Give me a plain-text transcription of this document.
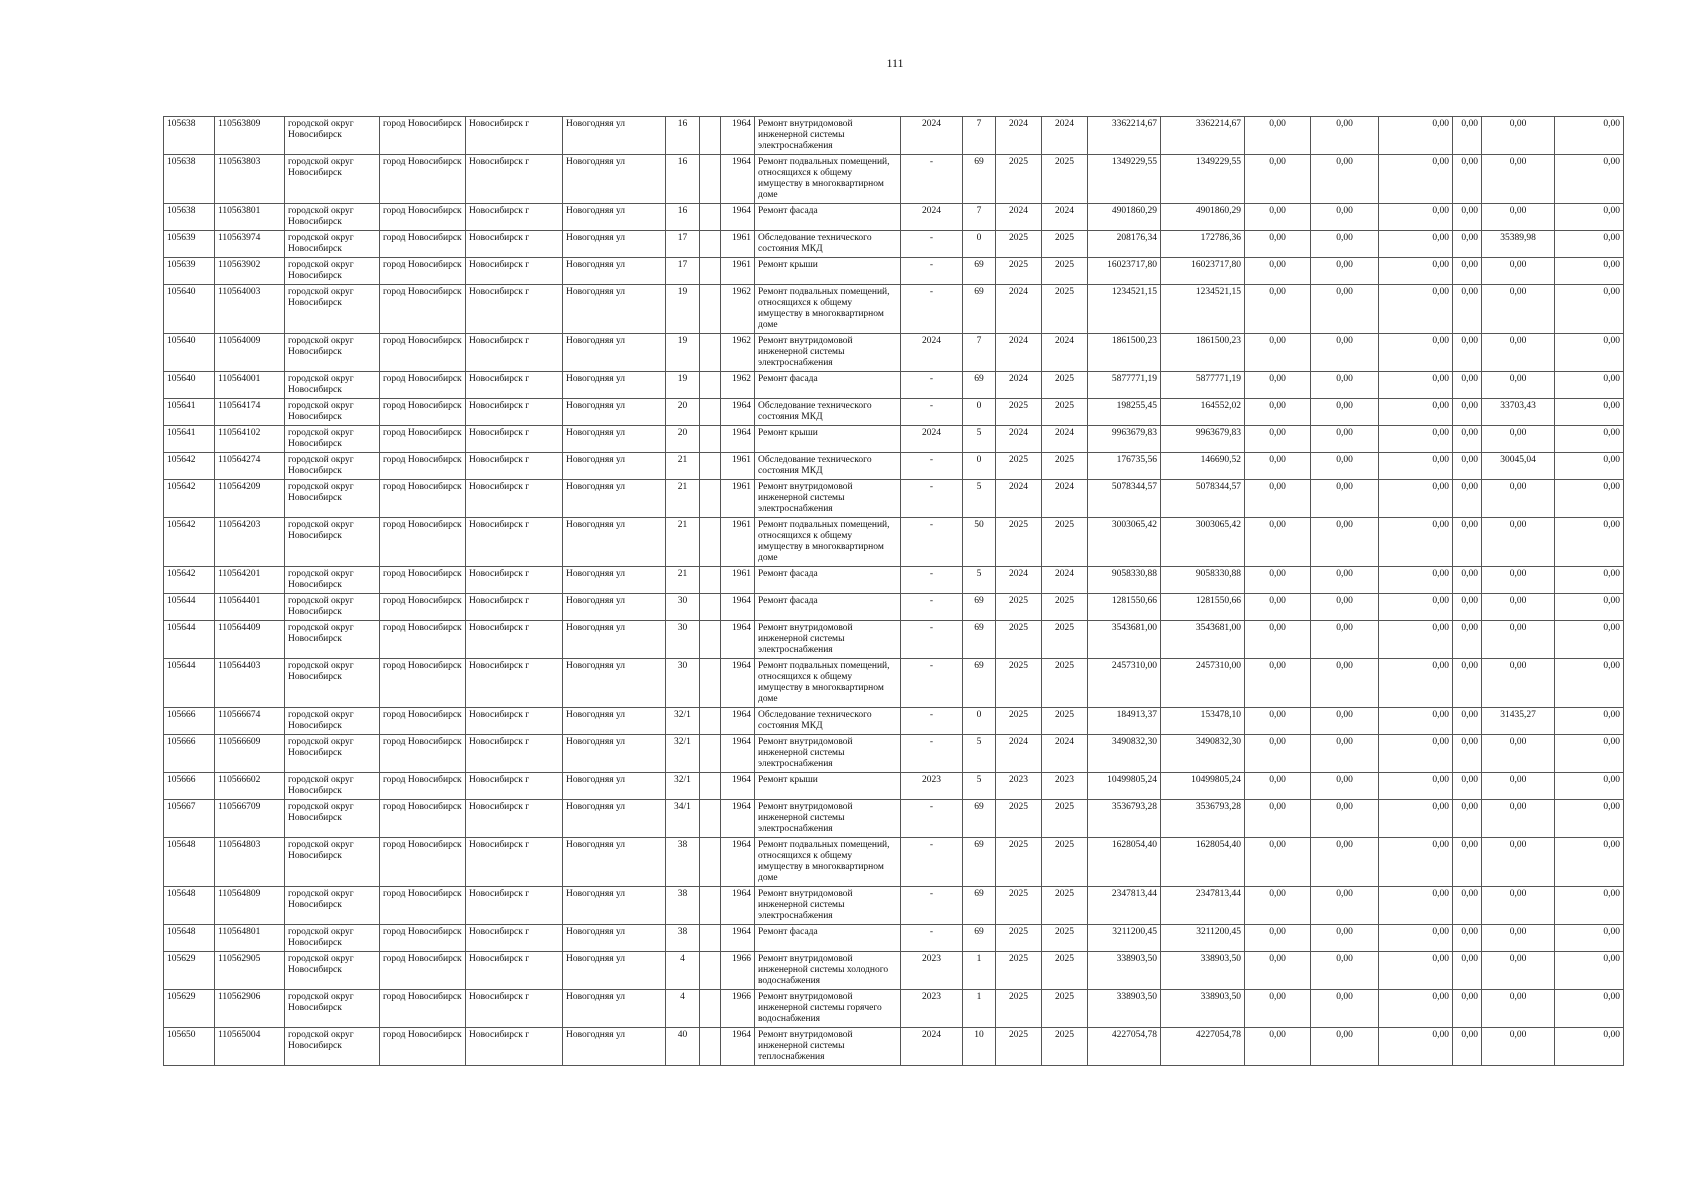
111
105638	110563809	городской округ Новосибирск	город Новосибирск	Новосибирск г	Новогодняя ул	16		1964	Ремонт внутридомовой инженерной системы электроснабжения	2024	7	2024	2024	3362214,67	3362214,67	0,00	0,00	0,00	0,00	0,00	0,00
105638	110563803	городской округ Новосибирск	город Новосибирск	Новосибирск г	Новогодняя ул	16		1964	Ремонт подвальных помещений, относящихся к общему имуществу в многоквартирном доме	-	69	2025	2025	1349229,55	1349229,55	0,00	0,00	0,00	0,00	0,00	0,00
105638	110563801	городской округ Новосибирск	город Новосибирск	Новосибирск г	Новогодняя ул	16		1964	Ремонт фасада	2024	7	2024	2024	4901860,29	4901860,29	0,00	0,00	0,00	0,00	0,00	0,00
105639	110563974	городской округ Новосибирск	город Новосибирск	Новосибирск г	Новогодняя ул	17		1961	Обследование технического состояния МКД	-	0	2025	2025	208176,34	172786,36	0,00	0,00	0,00	0,00	35389,98	0,00
105639	110563902	городской округ Новосибирск	город Новосибирск	Новосибирск г	Новогодняя ул	17		1961	Ремонт крыши	-	69	2025	2025	16023717,80	16023717,80	0,00	0,00	0,00	0,00	0,00	0,00
105640	110564003	городской округ Новосибирск	город Новосибирск	Новосибирск г	Новогодняя ул	19		1962	Ремонт подвальных помещений, относящихся к общему имуществу в многоквартирном доме	-	69	2024	2025	1234521,15	1234521,15	0,00	0,00	0,00	0,00	0,00	0,00
105640	110564009	городской округ Новосибирск	город Новосибирск	Новосибирск г	Новогодняя ул	19		1962	Ремонт внутридомовой инженерной системы электроснабжения	2024	7	2024	2024	1861500,23	1861500,23	0,00	0,00	0,00	0,00	0,00	0,00
105640	110564001	городской округ Новосибирск	город Новосибирск	Новосибирск г	Новогодняя ул	19		1962	Ремонт фасада	-	69	2024	2025	5877771,19	5877771,19	0,00	0,00	0,00	0,00	0,00	0,00
105641	110564174	городской округ Новосибирск	город Новосибирск	Новосибирск г	Новогодняя ул	20		1964	Обследование технического состояния МКД	-	0	2025	2025	198255,45	164552,02	0,00	0,00	0,00	0,00	33703,43	0,00
105641	110564102	городской округ Новосибирск	город Новосибирск	Новосибирск г	Новогодняя ул	20		1964	Ремонт крыши	2024	5	2024	2024	9963679,83	9963679,83	0,00	0,00	0,00	0,00	0,00	0,00
105642	110564274	городской округ Новосибирск	город Новосибирск	Новосибирск г	Новогодняя ул	21		1961	Обследование технического состояния МКД	-	0	2025	2025	176735,56	146690,52	0,00	0,00	0,00	0,00	30045,04	0,00
105642	110564209	городской округ Новосибирск	город Новосибирск	Новосибирск г	Новогодняя ул	21		1961	Ремонт внутридомовой инженерной системы электроснабжения	-	5	2024	2024	5078344,57	5078344,57	0,00	0,00	0,00	0,00	0,00	0,00
105642	110564203	городской округ Новосибирск	город Новосибирск	Новосибирск г	Новогодняя ул	21		1961	Ремонт подвальных помещений, относящихся к общему имуществу в многоквартирном доме	-	50	2025	2025	3003065,42	3003065,42	0,00	0,00	0,00	0,00	0,00	0,00
105642	110564201	городской округ Новосибирск	город Новосибирск	Новосибирск г	Новогодняя ул	21		1961	Ремонт фасада	-	5	2024	2024	9058330,88	9058330,88	0,00	0,00	0,00	0,00	0,00	0,00
105644	110564401	городской округ Новосибирск	город Новосибирск	Новосибирск г	Новогодняя ул	30		1964	Ремонт фасада	-	69	2025	2025	1281550,66	1281550,66	0,00	0,00	0,00	0,00	0,00	0,00
105644	110564409	городской округ Новосибирск	город Новосибирск	Новосибирск г	Новогодняя ул	30		1964	Ремонт внутридомовой инженерной системы электроснабжения	-	69	2025	2025	3543681,00	3543681,00	0,00	0,00	0,00	0,00	0,00	0,00
105644	110564403	городской округ Новосибирск	город Новосибирск	Новосибирск г	Новогодняя ул	30		1964	Ремонт подвальных помещений, относящихся к общему имуществу в многоквартирном доме	-	69	2025	2025	2457310,00	2457310,00	0,00	0,00	0,00	0,00	0,00	0,00
105666	110566674	городской округ Новосибирск	город Новосибирск	Новосибирск г	Новогодняя ул	32/1		1964	Обследование технического состояния МКД	-	0	2025	2025	184913,37	153478,10	0,00	0,00	0,00	0,00	31435,27	0,00
105666	110566609	городской округ Новосибирск	город Новосибирск	Новосибирск г	Новогодняя ул	32/1		1964	Ремонт внутридомовой инженерной системы электроснабжения	-	5	2024	2024	3490832,30	3490832,30	0,00	0,00	0,00	0,00	0,00	0,00
105666	110566602	городской округ Новосибирск	город Новосибирск	Новосибирск г	Новогодняя ул	32/1		1964	Ремонт крыши	2023	5	2023	2023	10499805,24	10499805,24	0,00	0,00	0,00	0,00	0,00	0,00
105667	110566709	городской округ Новосибирск	город Новосибирск	Новосибирск г	Новогодняя ул	34/1		1964	Ремонт внутридомовой инженерной системы электроснабжения	-	69	2025	2025	3536793,28	3536793,28	0,00	0,00	0,00	0,00	0,00	0,00
105648	110564803	городской округ Новосибирск	город Новосибирск	Новосибирск г	Новогодняя ул	38		1964	Ремонт подвальных помещений, относящихся к общему имуществу в многоквартирном доме	-	69	2025	2025	1628054,40	1628054,40	0,00	0,00	0,00	0,00	0,00	0,00
105648	110564809	городской округ Новосибирск	город Новосибирск	Новосибирск г	Новогодняя ул	38		1964	Ремонт внутридомовой инженерной системы электроснабжения	-	69	2025	2025	2347813,44	2347813,44	0,00	0,00	0,00	0,00	0,00	0,00
105648	110564801	городской округ Новосибирск	город Новосибирск	Новосибирск г	Новогодняя ул	38		1964	Ремонт фасада	-	69	2025	2025	3211200,45	3211200,45	0,00	0,00	0,00	0,00	0,00	0,00
105629	110562905	городской округ Новосибирск	город Новосибирск	Новосибирск г	Новогодняя ул	4		1966	Ремонт внутридомовой инженерной системы холодного водоснабжения	2023	1	2025	2025	338903,50	338903,50	0,00	0,00	0,00	0,00	0,00	0,00
105629	110562906	городской округ Новосибирск	город Новосибирск	Новосибирск г	Новогодняя ул	4		1966	Ремонт внутридомовой инженерной системы горячего водоснабжения	2023	1	2025	2025	338903,50	338903,50	0,00	0,00	0,00	0,00	0,00	0,00
105650	110565004	городской округ Новосибирск	город Новосибирск	Новосибирск г	Новогодняя ул	40		1964	Ремонт внутридомовой инженерной системы теплоснабжения	2024	10	2025	2025	4227054,78	4227054,78	0,00	0,00	0,00	0,00	0,00	0,00
